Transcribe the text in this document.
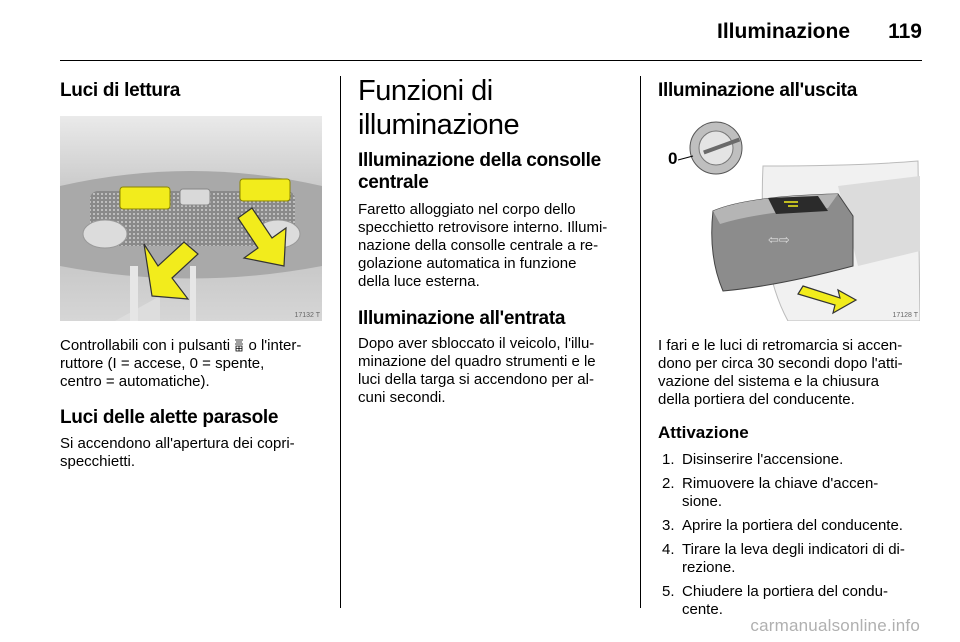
Illuminazione 119
Luci di lettura
17132 T

Controllabili con i pulsanti o l'inter-
ruttore (I = accese, 0 = spente,
centro = automatiche).

Luci delle alette parasole

Si accendono all'apertura dei copri-
specchietti.

Funzioni di illuminazione
Illuminazione della consolle
centrale

Faretto alloggiato nel corpo dello
specchietto retrovisore interno. Illumi-
nazione della consolle centrale a re-
golazione automatica in funzione
della luce esterna.

Illuminazione all'entrata

Dopo aver sbloccato il veicolo, l'illu-
minazione del quadro strumenti e le
luci della targa si accendono per al-
cuni secondi.

Illuminazione all'uscita
0
⇦⇨
17128 T

I fari e le luci di retromarcia si accen-
dono per circa 30 secondi dopo l'atti-
vazione del sistema e la chiusura
della portiera del conducente.

Attivazione
1. Disinserire l'accensione.
2. Rimuovere la chiave d'accen-
sione.
3. Aprire la portiera del conducente.
4. Tirare la leva degli indicatori di di-
rezione.
5. Chiudere la portiera del condu-
cente.
carmanualsonline.info
